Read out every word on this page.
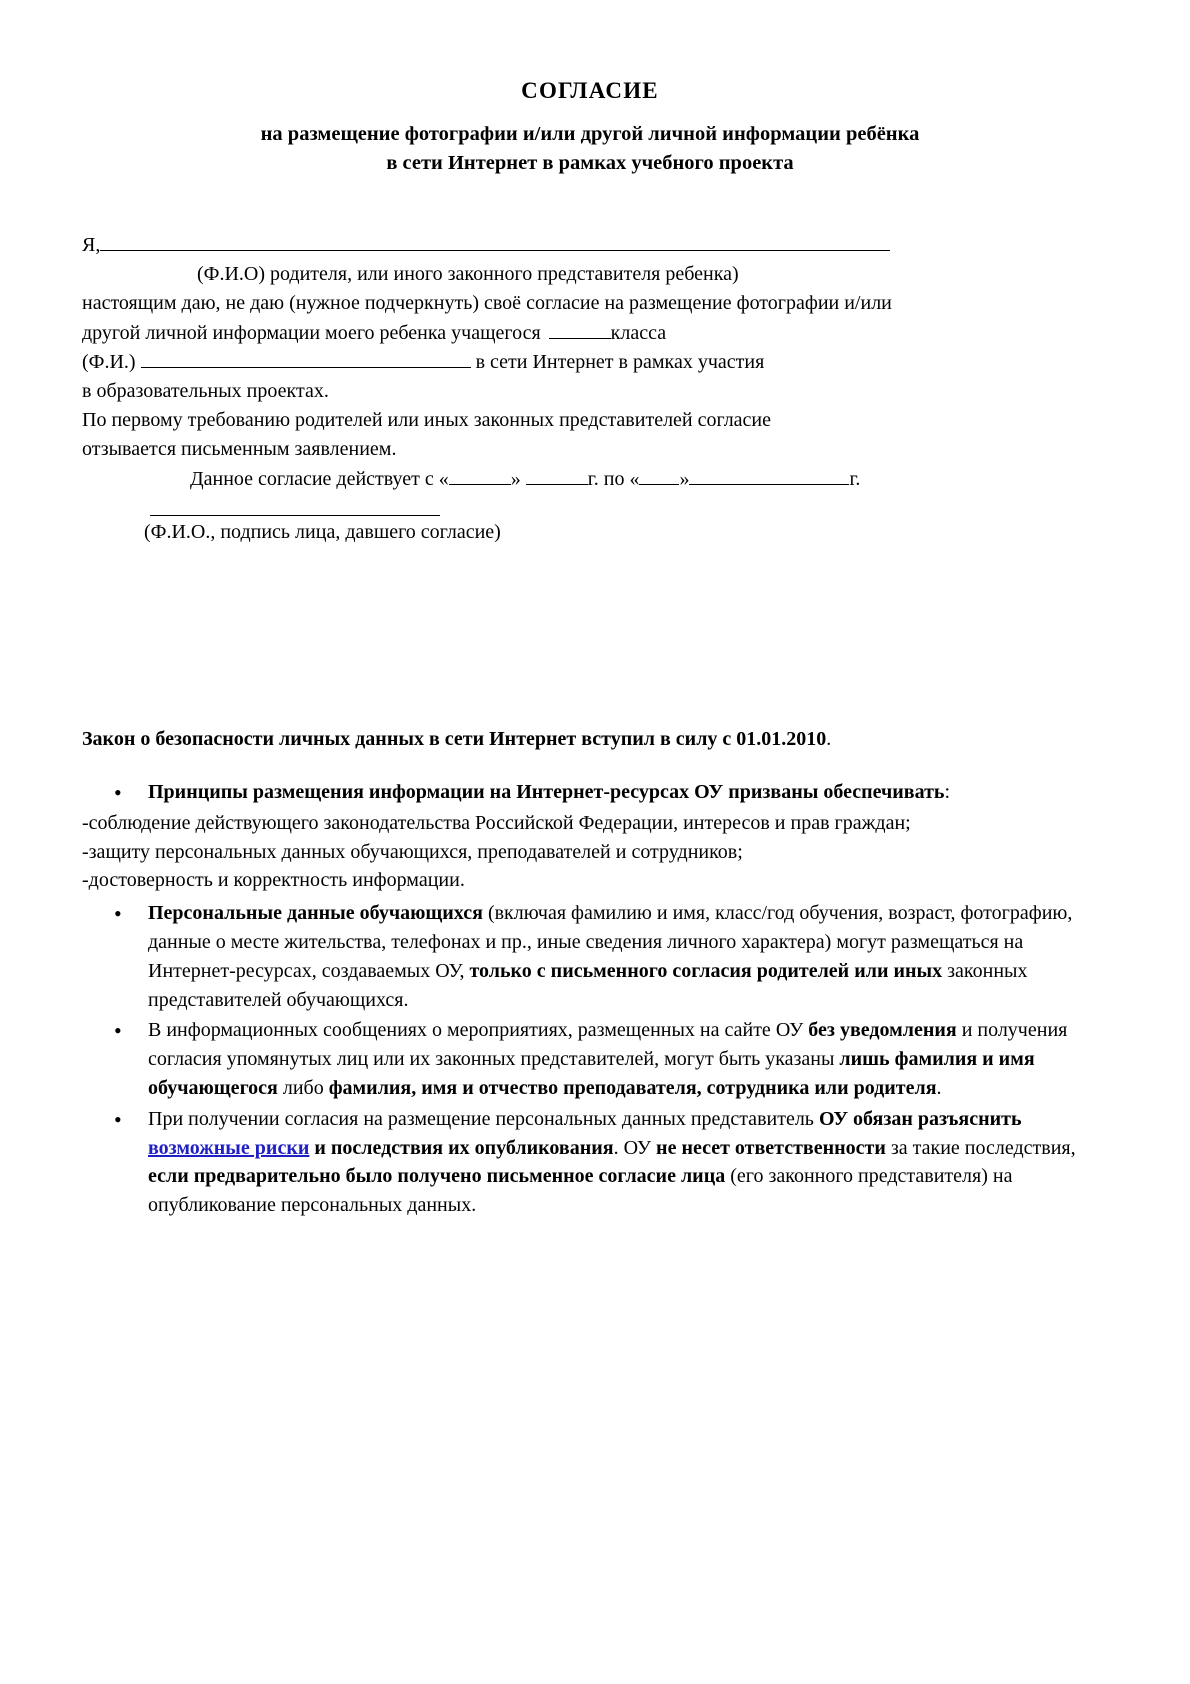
СОГЛАСИЕ
на размещение фотографии и/или другой личной информации ребёнка
в сети Интернет в рамках учебного проекта
Я,
(Ф.И.О) родителя, или иного законного представителя ребенка)
настоящим даю, не даю (нужное подчеркнуть) своё согласие на размещение фотографии и/или
другой личной информации моего ребенка учащегося	класса
(Ф.И.)	в сети Интернет в рамках участия
в образовательных проектах.
По первому требованию родителей или иных законных представителей согласие
отзывается письменным заявлением.
Данное согласие действует с «	»	г. по « »	г.
(Ф.И.О., подпись лица, давшего согласие)
Закон о безопасности личных данных в сети Интернет вступил в силу с 01.01.2010.
• Принципы размещения информации на Интернет-ресурсах ОУ призваны обеспечивать:
-соблюдение действующего законодательства Российской Федерации, интересов и прав граждан;
-защиту персональных данных обучающихся, преподавателей и сотрудников;
-достоверность и корректность информации.
• Персональные данные обучающихся (включая фамилию и имя, класс/год обучения, возраст, фотографию, данные о месте жительства, телефонах и пр., иные сведения личного характера) могут размещаться на Интернет-ресурсах, создаваемых ОУ, только с письменного согласия родителей или иных законных представителей обучающихся.
• В информационных сообщениях о мероприятиях, размещенных на сайте ОУ без уведомления и получения согласия упомянутых лиц или их законных представителей, могут быть указаны лишь фамилия и имя обучающегося либо фамилия, имя и отчество преподавателя, сотрудника или родителя.
• При получении согласия на размещение персональных данных представитель ОУ обязан разъяснить возможные риски и последствия их опубликования. ОУ не несет ответственности за такие последствия, если предварительно было получено письменное согласие лица (его законного представителя) на опубликование персональных данных.
